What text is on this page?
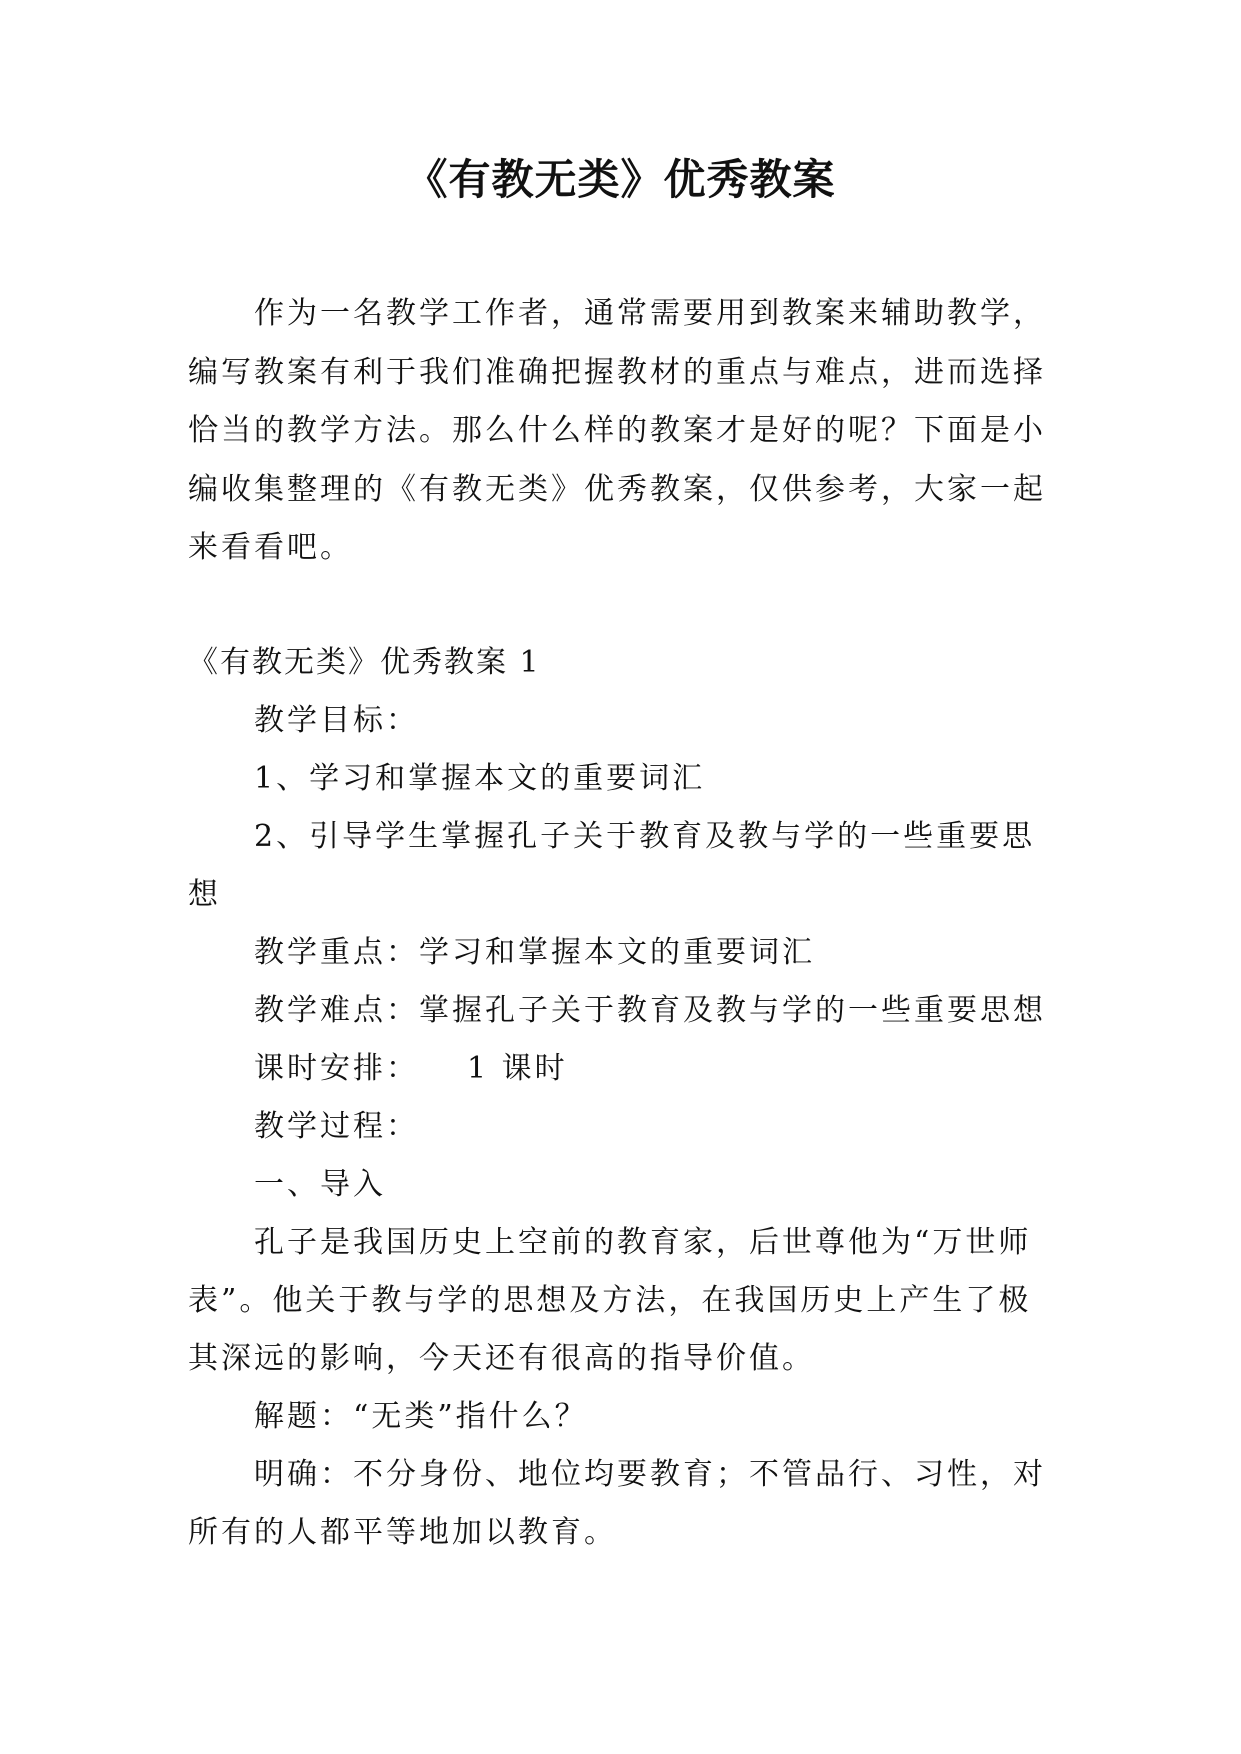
《有教无类》优秀教案

作为一名教学工作者，通常需要用到教案来辅助教学，编写教案有利于我们准确把握教材的重点与难点，进而选择恰当的教学方法。那么什么样的教案才是好的呢？下面是小编收集整理的《有教无类》优秀教案，仅供参考，大家一起来看看吧。

《有教无类》优秀教案 1

教学目标：

1、学习和掌握本文的重要词汇

2、引导学生掌握孔子关于教育及教与学的一些重要思想

教学重点：学习和掌握本文的重要词汇

教学难点：掌握孔子关于教育及教与学的一些重要思想

课时安排： 1 课时

教学过程：

一、导入

孔子是我国历史上空前的教育家，后世尊他为“万世师表”。他关于教与学的思想及方法，在我国历史上产生了极其深远的影响，今天还有很高的指导价值。

解题：“无类”指什么？

明确：不分身份、地位均要教育；不管品行、习性，对所有的人都平等地加以教育。
